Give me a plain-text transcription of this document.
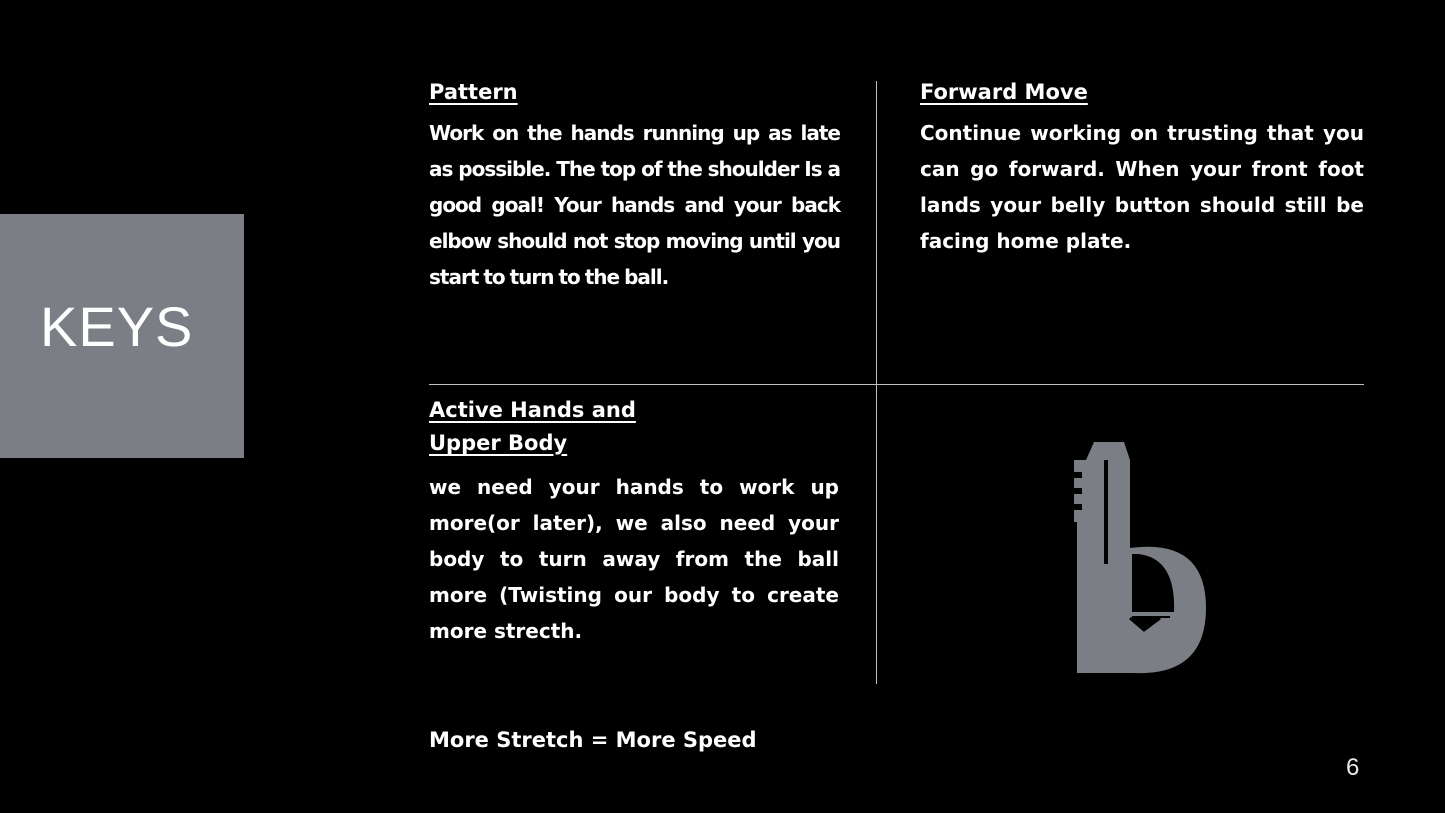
KEYS
Pattern
Work on the hands running up as late as possible. The top of the shoulder Is a good goal! Your hands and your back elbow should not stop moving until you start to turn to the ball.
Forward Move
Continue working on trusting that you can go forward. When your front foot lands your belly button should still be facing home plate.
Active Hands and
Upper Body
we need your hands to work up more(or later), we also need your body to turn away from the ball more (Twisting our body to create more strecth.
More Stretch = More Speed
6
